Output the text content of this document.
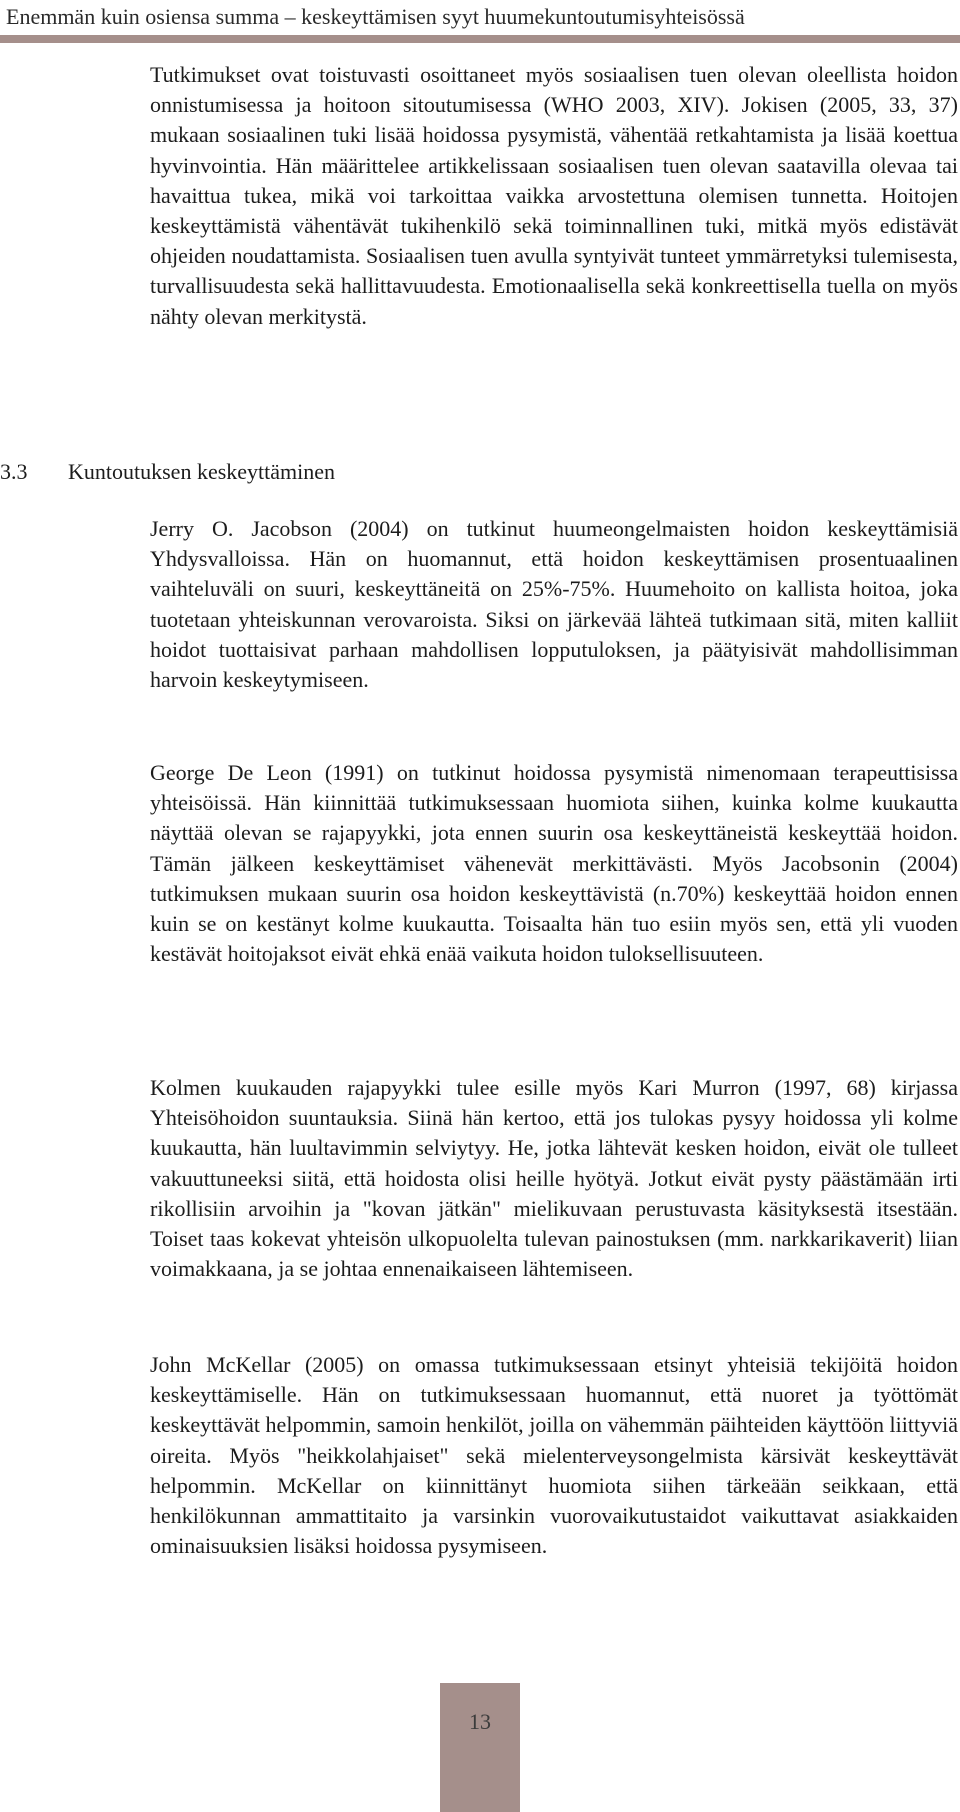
Enemmän kuin osiensa summa – keskeyttämisen syyt huumekuntoutumisyhteisössä

Tutkimukset ovat toistuvasti osoittaneet myös sosiaalisen tuen olevan oleellista hoidon onnistumisessa ja hoitoon sitoutumisessa (WHO 2003, XIV). Jokisen (2005, 33, 37) mukaan sosiaalinen tuki lisää hoidossa pysymistä, vähentää retkahtamista ja lisää koettua hyvinvointia. Hän määrittelee artikkelissaan sosiaalisen tuen olevan saatavilla olevaa tai havaittua tukea, mikä voi tarkoittaa vaikka arvostettuna olemisen tunnetta. Hoitojen keskeyttämistä vähentävät tukihenkilö sekä toiminnallinen tuki, mitkä myös edistävät ohjeiden noudattamista. Sosiaalisen tuen avulla syntyivät tunteet ymmärretyksi tulemisesta, turvallisuudesta sekä hallittavuudesta. Emotionaalisella sekä konkreettisella tuella on myös nähty olevan merkitystä.

3.3 Kuntoutuksen keskeyttäminen

Jerry O. Jacobson (2004) on tutkinut huumeongelmaisten hoidon keskeyttämisiä Yhdysvalloissa. Hän on huomannut, että hoidon keskeyttämisen prosentuaalinen vaihteluväli on suuri, keskeyttäneitä on 25%-75%. Huumehoito on kallista hoitoa, joka tuotetaan yhteiskunnan verovaroista. Siksi on järkevää lähteä tutkimaan sitä, miten kalliit hoidot tuottaisivat parhaan mahdollisen lopputuloksen, ja päätyisivät mahdollisimman harvoin keskeytymiseen.

George De Leon (1991) on tutkinut hoidossa pysymistä nimenomaan terapeuttisissa yhteisöissä. Hän kiinnittää tutkimuksessaan huomiota siihen, kuinka kolme kuukautta näyttää olevan se rajapyykki, jota ennen suurin osa keskeyttäneistä keskeyttää hoidon. Tämän jälkeen keskeyttämiset vähenevät merkittävästi. Myös Jacobsonin (2004) tutkimuksen mukaan suurin osa hoidon keskeyttävistä (n.70%) keskeyttää hoidon ennen kuin se on kestänyt kolme kuukautta. Toisaalta hän tuo esiin myös sen, että yli vuoden kestävät hoitojaksot eivät ehkä enää vaikuta hoidon tuloksellisuuteen.

Kolmen kuukauden rajapyykki tulee esille myös Kari Murron (1997, 68) kirjassa Yhteisöhoidon suuntauksia. Siinä hän kertoo, että jos tulokas pysyy hoidossa yli kolme kuukautta, hän luultavimmin selviytyy. He, jotka lähtevät kesken hoidon, eivät ole tulleet vakuuttuneeksi siitä, että hoidosta olisi heille hyötyä. Jotkut eivät pysty päästämään irti rikollisiin arvoihin ja "kovan jätkän" mielikuvaan perustuvasta käsityksestä itsestään. Toiset taas kokevat yhteisön ulkopuolelta tulevan painostuksen (mm. narkkarikaverit) liian voimakkaana, ja se johtaa ennenaikaiseen lähtemiseen.

John McKellar (2005) on omassa tutkimuksessaan etsinyt yhteisiä tekijöitä hoidon keskeyttämiselle. Hän on tutkimuksessaan huomannut, että nuoret ja työttömät keskeyttävät helpommin, samoin henkilöt, joilla on vähemmän päihteiden käyttöön liittyviä oireita. Myös "heikkolahjaiset" sekä mielenterveysongelmista kärsivät keskeyttävät helpommin. McKellar on kiinnittänyt huomiota siihen tärkeään seikkaan, että henkilökunnan ammattitaito ja varsinkin vuorovaikutustaidot vaikuttavat asiakkaiden ominaisuuksien lisäksi hoidossa pysymiseen.

13
